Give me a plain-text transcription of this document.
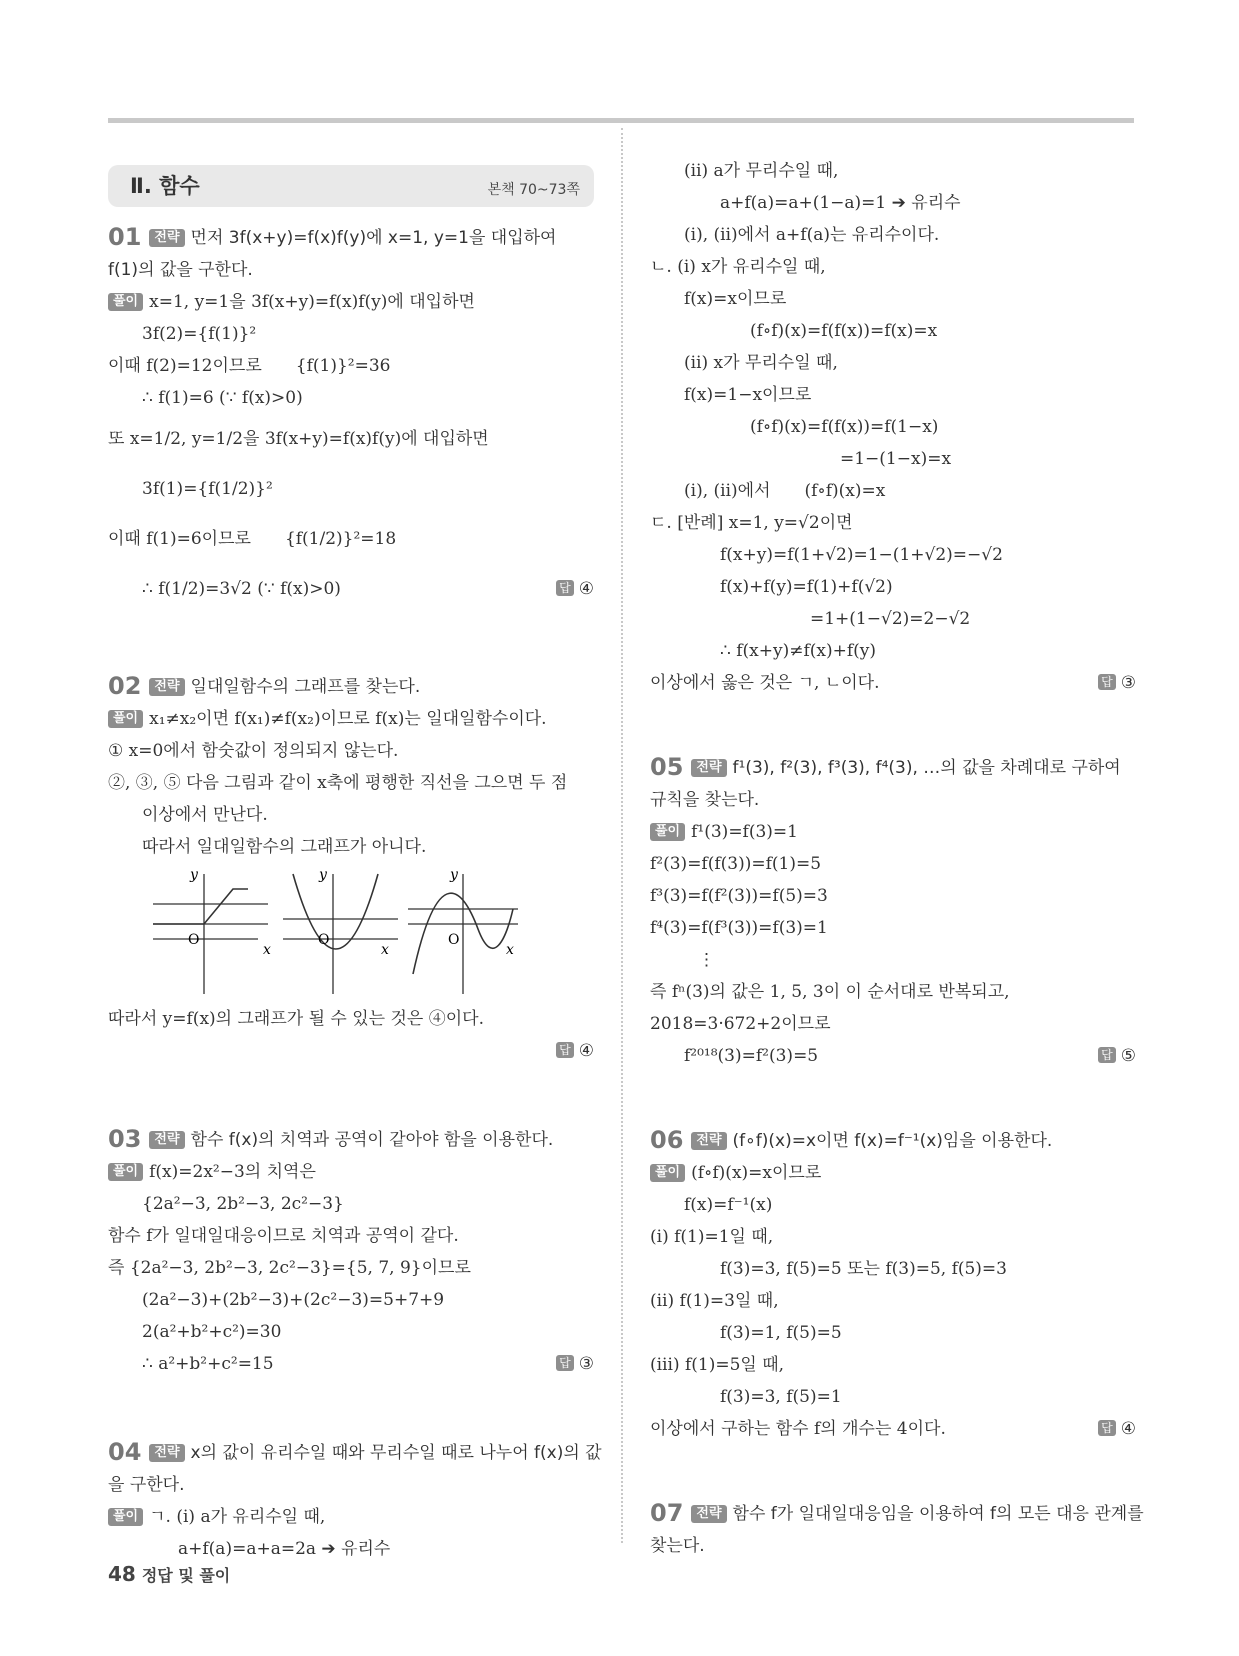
Ⅱ. 함수	본책 70~73쪽
01 전략 먼저 3f(x+y)=f(x)f(y)에 x=1, y=1을 대입하여
f(1)의 값을 구한다.
풀이 x=1, y=1을 3f(x+y)=f(x)f(y)에 대입하면
3f(2)={f(1)}²
이때 f(2)=12이므로　　{f(1)}²=36
∴ f(1)=6 (∵ f(x)>0)
또 x=1/2, y=1/2을 3f(x+y)=f(x)f(y)에 대입하면
3f(1)={f(1/2)}²
이때 f(1)=6이므로　　{f(1/2)}²=18
∴ f(1/2)=3√2 (∵ f(x)>0)	답 ④
02 전략 일대일함수의 그래프를 찾는다.
풀이 x₁≠x₂이면 f(x₁)≠f(x₂)이므로 f(x)는 일대일함수이다.
① x=0에서 함숫값이 정의되지 않는다.
②, ③, ⑤ 다음 그림과 같이 x축에 평행한 직선을 그으면 두 점
이상에서 만난다.
따라서 일대일함수의 그래프가 아니다.
O
x
y
O
x
y
O
x
y
따라서 y=f(x)의 그래프가 될 수 있는 것은 ④이다.
답 ④
03 전략 함수 f(x)의 치역과 공역이 같아야 함을 이용한다.
풀이 f(x)=2x²−3의 치역은
{2a²−3, 2b²−3, 2c²−3}
함수 f가 일대일대응이므로 치역과 공역이 같다.
즉 {2a²−3, 2b²−3, 2c²−3}={5, 7, 9}이므로
(2a²−3)+(2b²−3)+(2c²−3)=5+7+9
2(a²+b²+c²)=30
∴ a²+b²+c²=15	답 ③
04 전략 x의 값이 유리수일 때와 무리수일 때로 나누어 f(x)의 값
을 구한다.
풀이 ㄱ. (ⅰ) a가 유리수일 때,
a+f(a)=a+a=2a ➔ 유리수
(ⅱ) a가 무리수일 때,
a+f(a)=a+(1−a)=1 ➔ 유리수
(ⅰ), (ⅱ)에서 a+f(a)는 유리수이다.
ㄴ. (ⅰ) x가 유리수일 때,
f(x)=x이므로
(f∘f)(x)=f(f(x))=f(x)=x
(ⅱ) x가 무리수일 때,
f(x)=1−x이므로
(f∘f)(x)=f(f(x))=f(1−x)
=1−(1−x)=x
(ⅰ), (ⅱ)에서　　(f∘f)(x)=x
ㄷ. [반례] x=1, y=√2이면
f(x+y)=f(1+√2)=1−(1+√2)=−√2
f(x)+f(y)=f(1)+f(√2)
=1+(1−√2)=2−√2
∴ f(x+y)≠f(x)+f(y)
이상에서 옳은 것은 ㄱ, ㄴ이다.	답 ③
05 전략 f¹(3), f²(3), f³(3), f⁴(3), …의 값을 차례대로 구하여
규칙을 찾는다.
풀이 f¹(3)=f(3)=1
f²(3)=f(f(3))=f(1)=5
f³(3)=f(f²(3))=f(5)=3
f⁴(3)=f(f³(3))=f(3)=1
⋮
즉 fⁿ(3)의 값은 1, 5, 3이 이 순서대로 반복되고,
2018=3·672+2이므로
f²⁰¹⁸(3)=f²(3)=5	답 ⑤
06 전략 (f∘f)(x)=x이면 f(x)=f⁻¹(x)임을 이용한다.
풀이 (f∘f)(x)=x이므로
f(x)=f⁻¹(x)
(ⅰ) f(1)=1일 때,
f(3)=3, f(5)=5 또는 f(3)=5, f(5)=3
(ⅱ) f(1)=3일 때,
f(3)=1, f(5)=5
(ⅲ) f(1)=5일 때,
f(3)=3, f(5)=1
이상에서 구하는 함수 f의 개수는 4이다.	답 ④
07 전략 함수 f가 일대일대응임을 이용하여 f의 모든 대응 관계를
찾는다.
48 정답 및 풀이
